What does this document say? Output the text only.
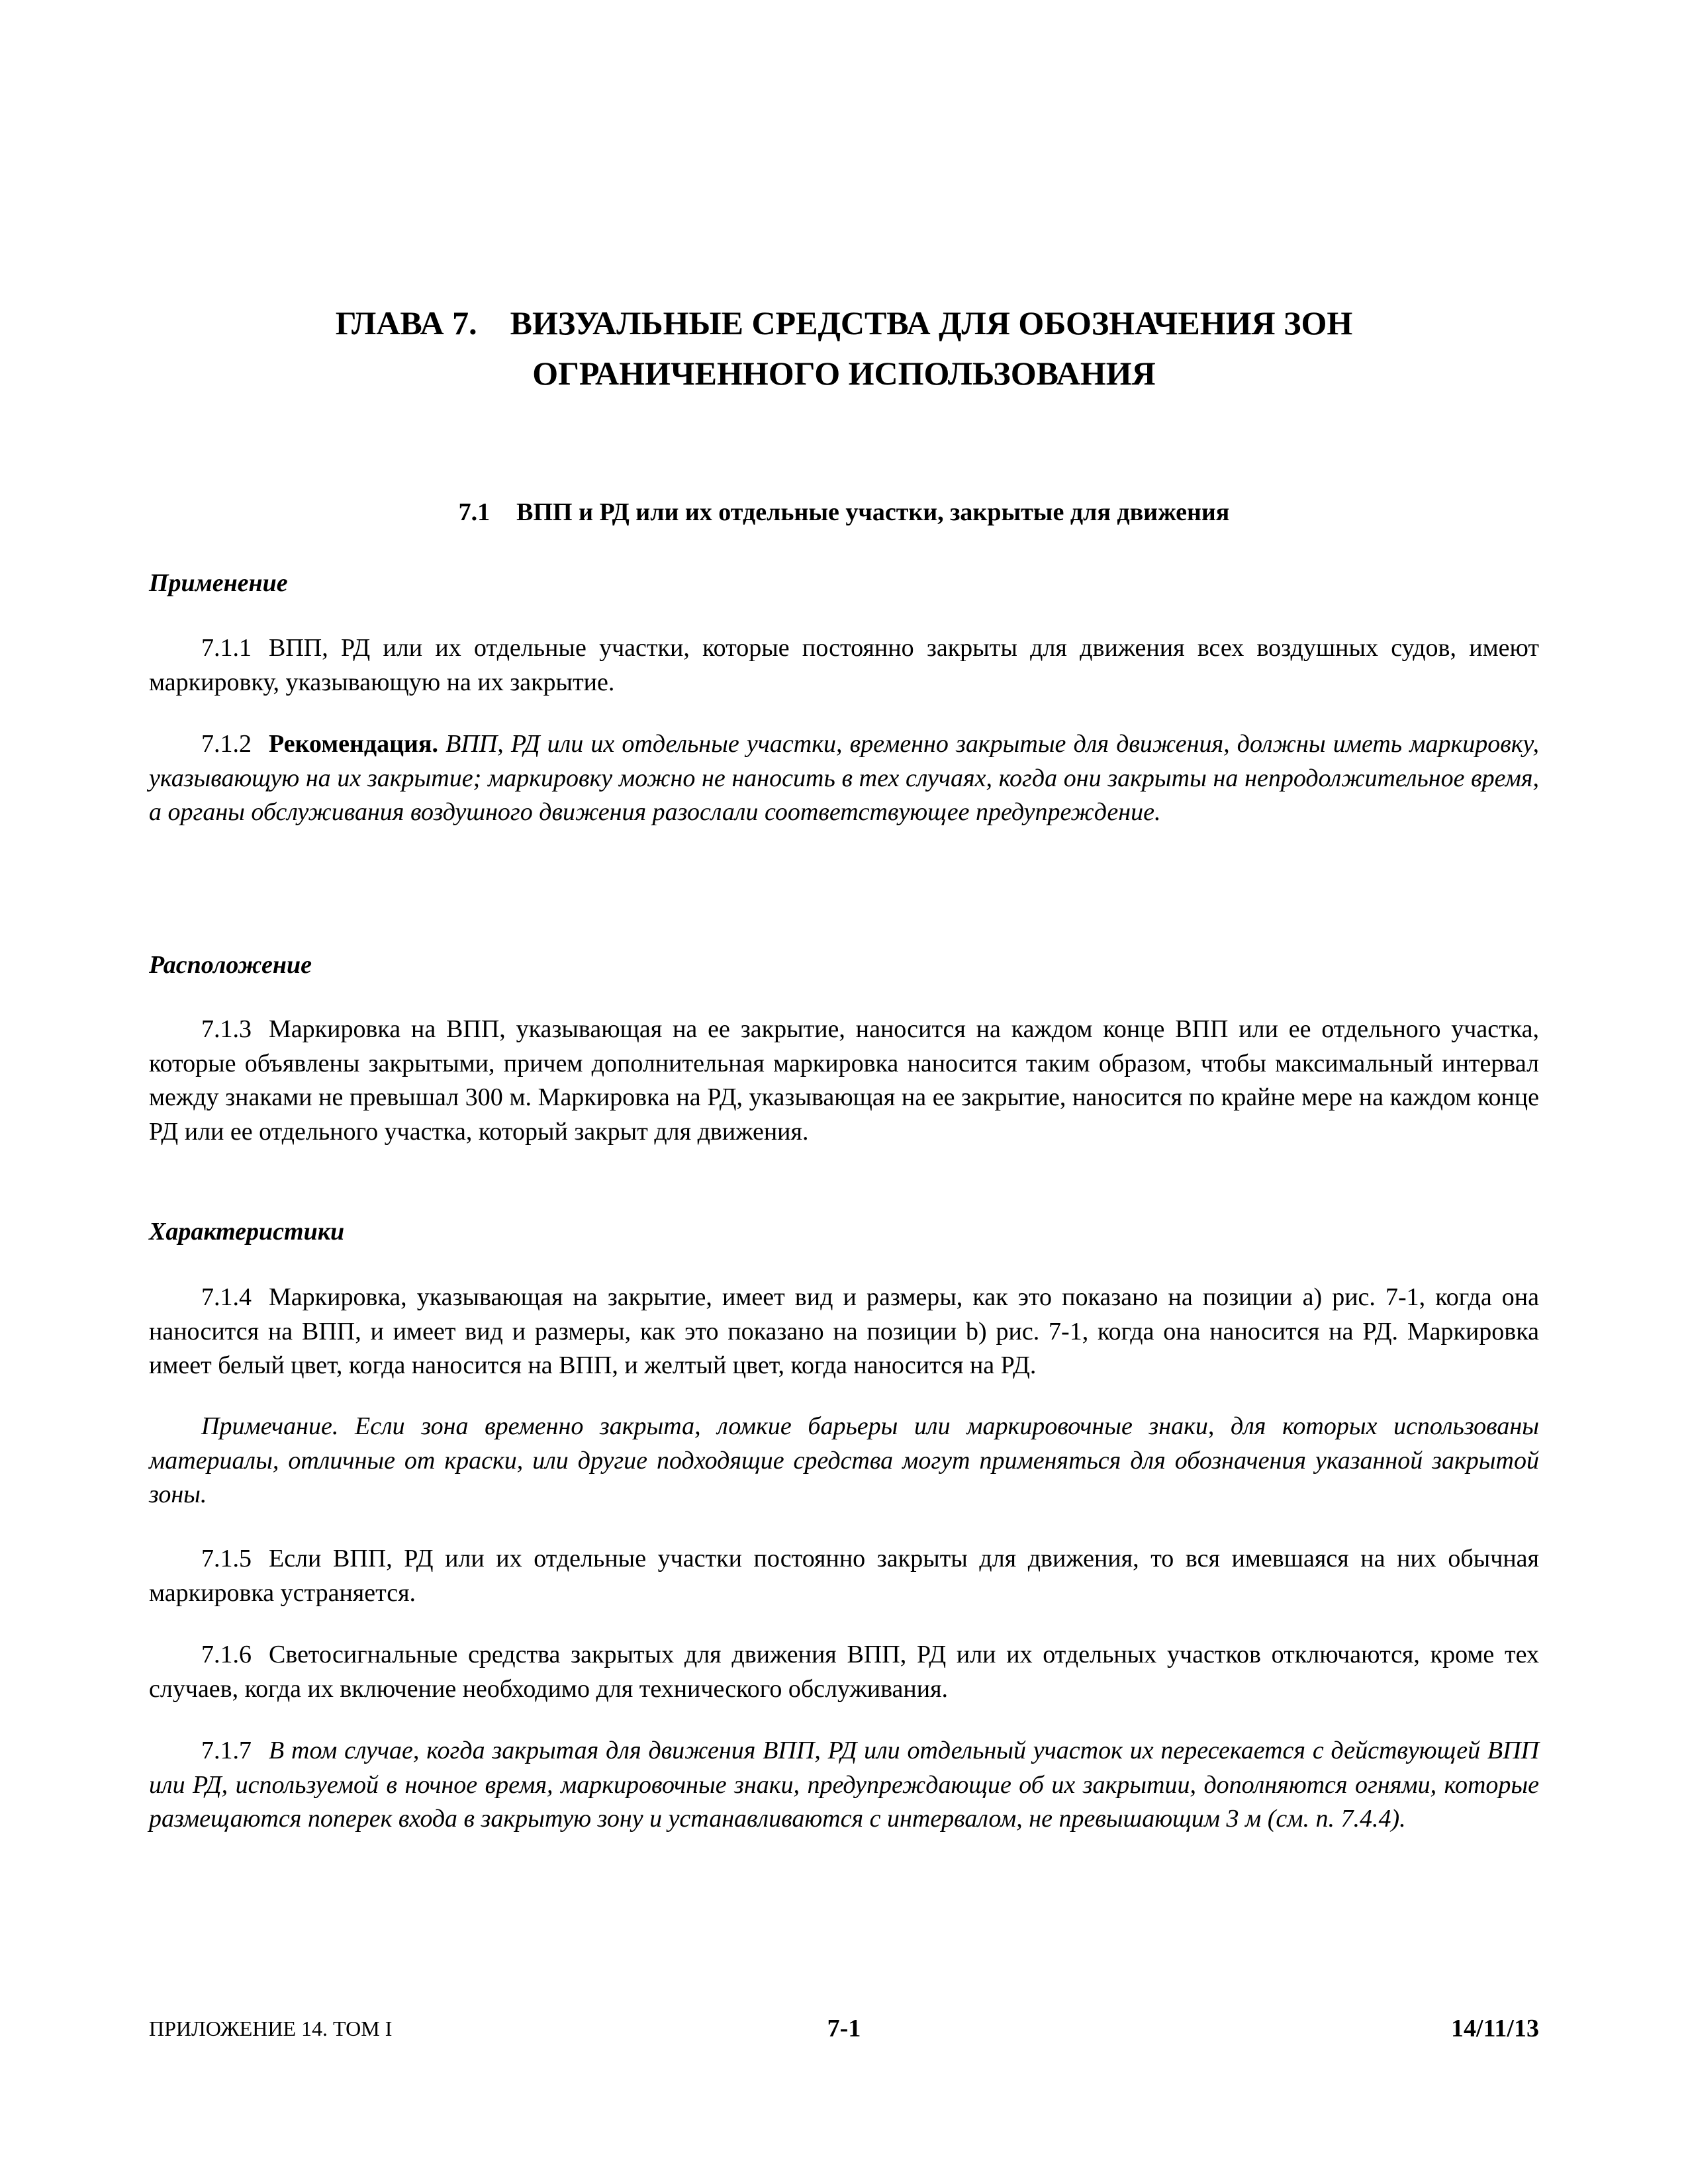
ГЛАВА 7.    ВИЗУАЛЬНЫЕ СРЕДСТВА ДЛЯ ОБОЗНАЧЕНИЯ ЗОН
ОГРАНИЧЕННОГО ИСПОЛЬЗОВАНИЯ
7.1 ВПП и РД или их отдельные участки, закрытые для движения
Применение
7.1.1 ВПП, РД или их отдельные участки, которые постоянно закрыты для движения всех воздушных судов, имеют маркировку, указывающую на их закрытие.
7.1.2 Рекомендация. ВПП, РД или их отдельные участки, временно закрытые для движения, должны иметь маркировку, указывающую на их закрытие; маркировку можно не наносить в тех случаях, когда они закрыты на непродолжительное время, а органы обслуживания воздушного движения разослали соответствующее предупреждение.
Расположение
7.1.3 Маркировка на ВПП, указывающая на ее закрытие, наносится на каждом конце ВПП или ее отдельного участка, которые объявлены закрытыми, причем дополнительная маркировка наносится таким образом, чтобы максимальный интервал между знаками не превышал 300 м. Маркировка на РД, указывающая на ее закрытие, наносится по крайне мере на каждом конце РД или ее отдельного участка, который закрыт для движения.
Характеристики
7.1.4 Маркировка, указывающая на закрытие, имеет вид и размеры, как это показано на позиции a) рис. 7-1, когда она наносится на ВПП, и имеет вид и размеры, как это показано на позиции b) рис. 7-1, когда она наносится на РД. Маркировка имеет белый цвет, когда наносится на ВПП, и желтый цвет, когда наносится на РД.
Примечание. Если зона временно закрыта, ломкие барьеры или маркировочные знаки, для которых использованы материалы, отличные от краски, или другие подходящие средства могут применяться для обозначения указанной закрытой зоны.
7.1.5 Если ВПП, РД или их отдельные участки постоянно закрыты для движения, то вся имевшаяся на них обычная маркировка устраняется.
7.1.6 Светосигнальные средства закрытых для движения ВПП, РД или их отдельных участков отключаются, кроме тех случаев, когда их включение необходимо для технического обслуживания.
7.1.7 В том случае, когда закрытая для движения ВПП, РД или отдельный участок их пересекается с действующей ВПП или РД, используемой в ночное время, маркировочные знаки, предупреждающие об их закрытии, дополняются огнями, которые размещаются поперек входа в закрытую зону и устанавливаются с интервалом, не превышающим 3 м (см. п. 7.4.4).
ПРИЛОЖЕНИЕ 14. ТОМ I	7-1	14/11/13
